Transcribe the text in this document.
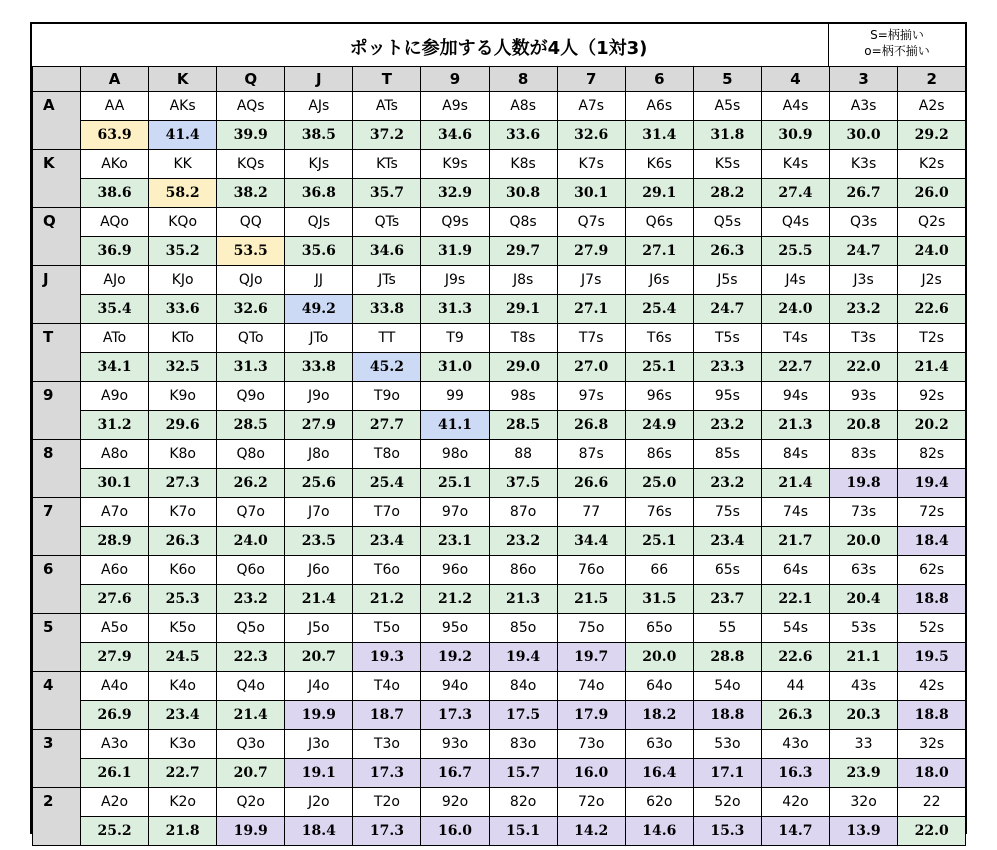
ポットに参加する人数が4人（1対3)
S=柄揃い
o=柄不揃い
	A	K	Q	J	T	9	8	7	6	5	4	3	2
A	AA	AKs	AQs	AJs	ATs	A9s	A8s	A7s	A6s	A5s	A4s	A3s	A2s
	63.9	41.4	39.9	38.5	37.2	34.6	33.6	32.6	31.4	31.8	30.9	30.0	29.2
K	AKo	KK	KQs	KJs	KTs	K9s	K8s	K7s	K6s	K5s	K4s	K3s	K2s
	38.6	58.2	38.2	36.8	35.7	32.9	30.8	30.1	29.1	28.2	27.4	26.7	26.0
Q	AQo	KQo	QQ	QJs	QTs	Q9s	Q8s	Q7s	Q6s	Q5s	Q4s	Q3s	Q2s
	36.9	35.2	53.5	35.6	34.6	31.9	29.7	27.9	27.1	26.3	25.5	24.7	24.0
J	AJo	KJo	QJo	JJ	JTs	J9s	J8s	J7s	J6s	J5s	J4s	J3s	J2s
	35.4	33.6	32.6	49.2	33.8	31.3	29.1	27.1	25.4	24.7	24.0	23.2	22.6
T	ATo	KTo	QTo	JTo	TT	T9	T8s	T7s	T6s	T5s	T4s	T3s	T2s
	34.1	32.5	31.3	33.8	45.2	31.0	29.0	27.0	25.1	23.3	22.7	22.0	21.4
9	A9o	K9o	Q9o	J9o	T9o	99	98s	97s	96s	95s	94s	93s	92s
	31.2	29.6	28.5	27.9	27.7	41.1	28.5	26.8	24.9	23.2	21.3	20.8	20.2
8	A8o	K8o	Q8o	J8o	T8o	98o	88	87s	86s	85s	84s	83s	82s
	30.1	27.3	26.2	25.6	25.4	25.1	37.5	26.6	25.0	23.2	21.4	19.8	19.4
7	A7o	K7o	Q7o	J7o	T7o	97o	87o	77	76s	75s	74s	73s	72s
	28.9	26.3	24.0	23.5	23.4	23.1	23.2	34.4	25.1	23.4	21.7	20.0	18.4
6	A6o	K6o	Q6o	J6o	T6o	96o	86o	76o	66	65s	64s	63s	62s
	27.6	25.3	23.2	21.4	21.2	21.2	21.3	21.5	31.5	23.7	22.1	20.4	18.8
5	A5o	K5o	Q5o	J5o	T5o	95o	85o	75o	65o	55	54s	53s	52s
	27.9	24.5	22.3	20.7	19.3	19.2	19.4	19.7	20.0	28.8	22.6	21.1	19.5
4	A4o	K4o	Q4o	J4o	T4o	94o	84o	74o	64o	54o	44	43s	42s
	26.9	23.4	21.4	19.9	18.7	17.3	17.5	17.9	18.2	18.8	26.3	20.3	18.8
3	A3o	K3o	Q3o	J3o	T3o	93o	83o	73o	63o	53o	43o	33	32s
	26.1	22.7	20.7	19.1	17.3	16.7	15.7	16.0	16.4	17.1	16.3	23.9	18.0
2	A2o	K2o	Q2o	J2o	T2o	92o	82o	72o	62o	52o	42o	32o	22
	25.2	21.8	19.9	18.4	17.3	16.0	15.1	14.2	14.6	15.3	14.7	13.9	22.0
